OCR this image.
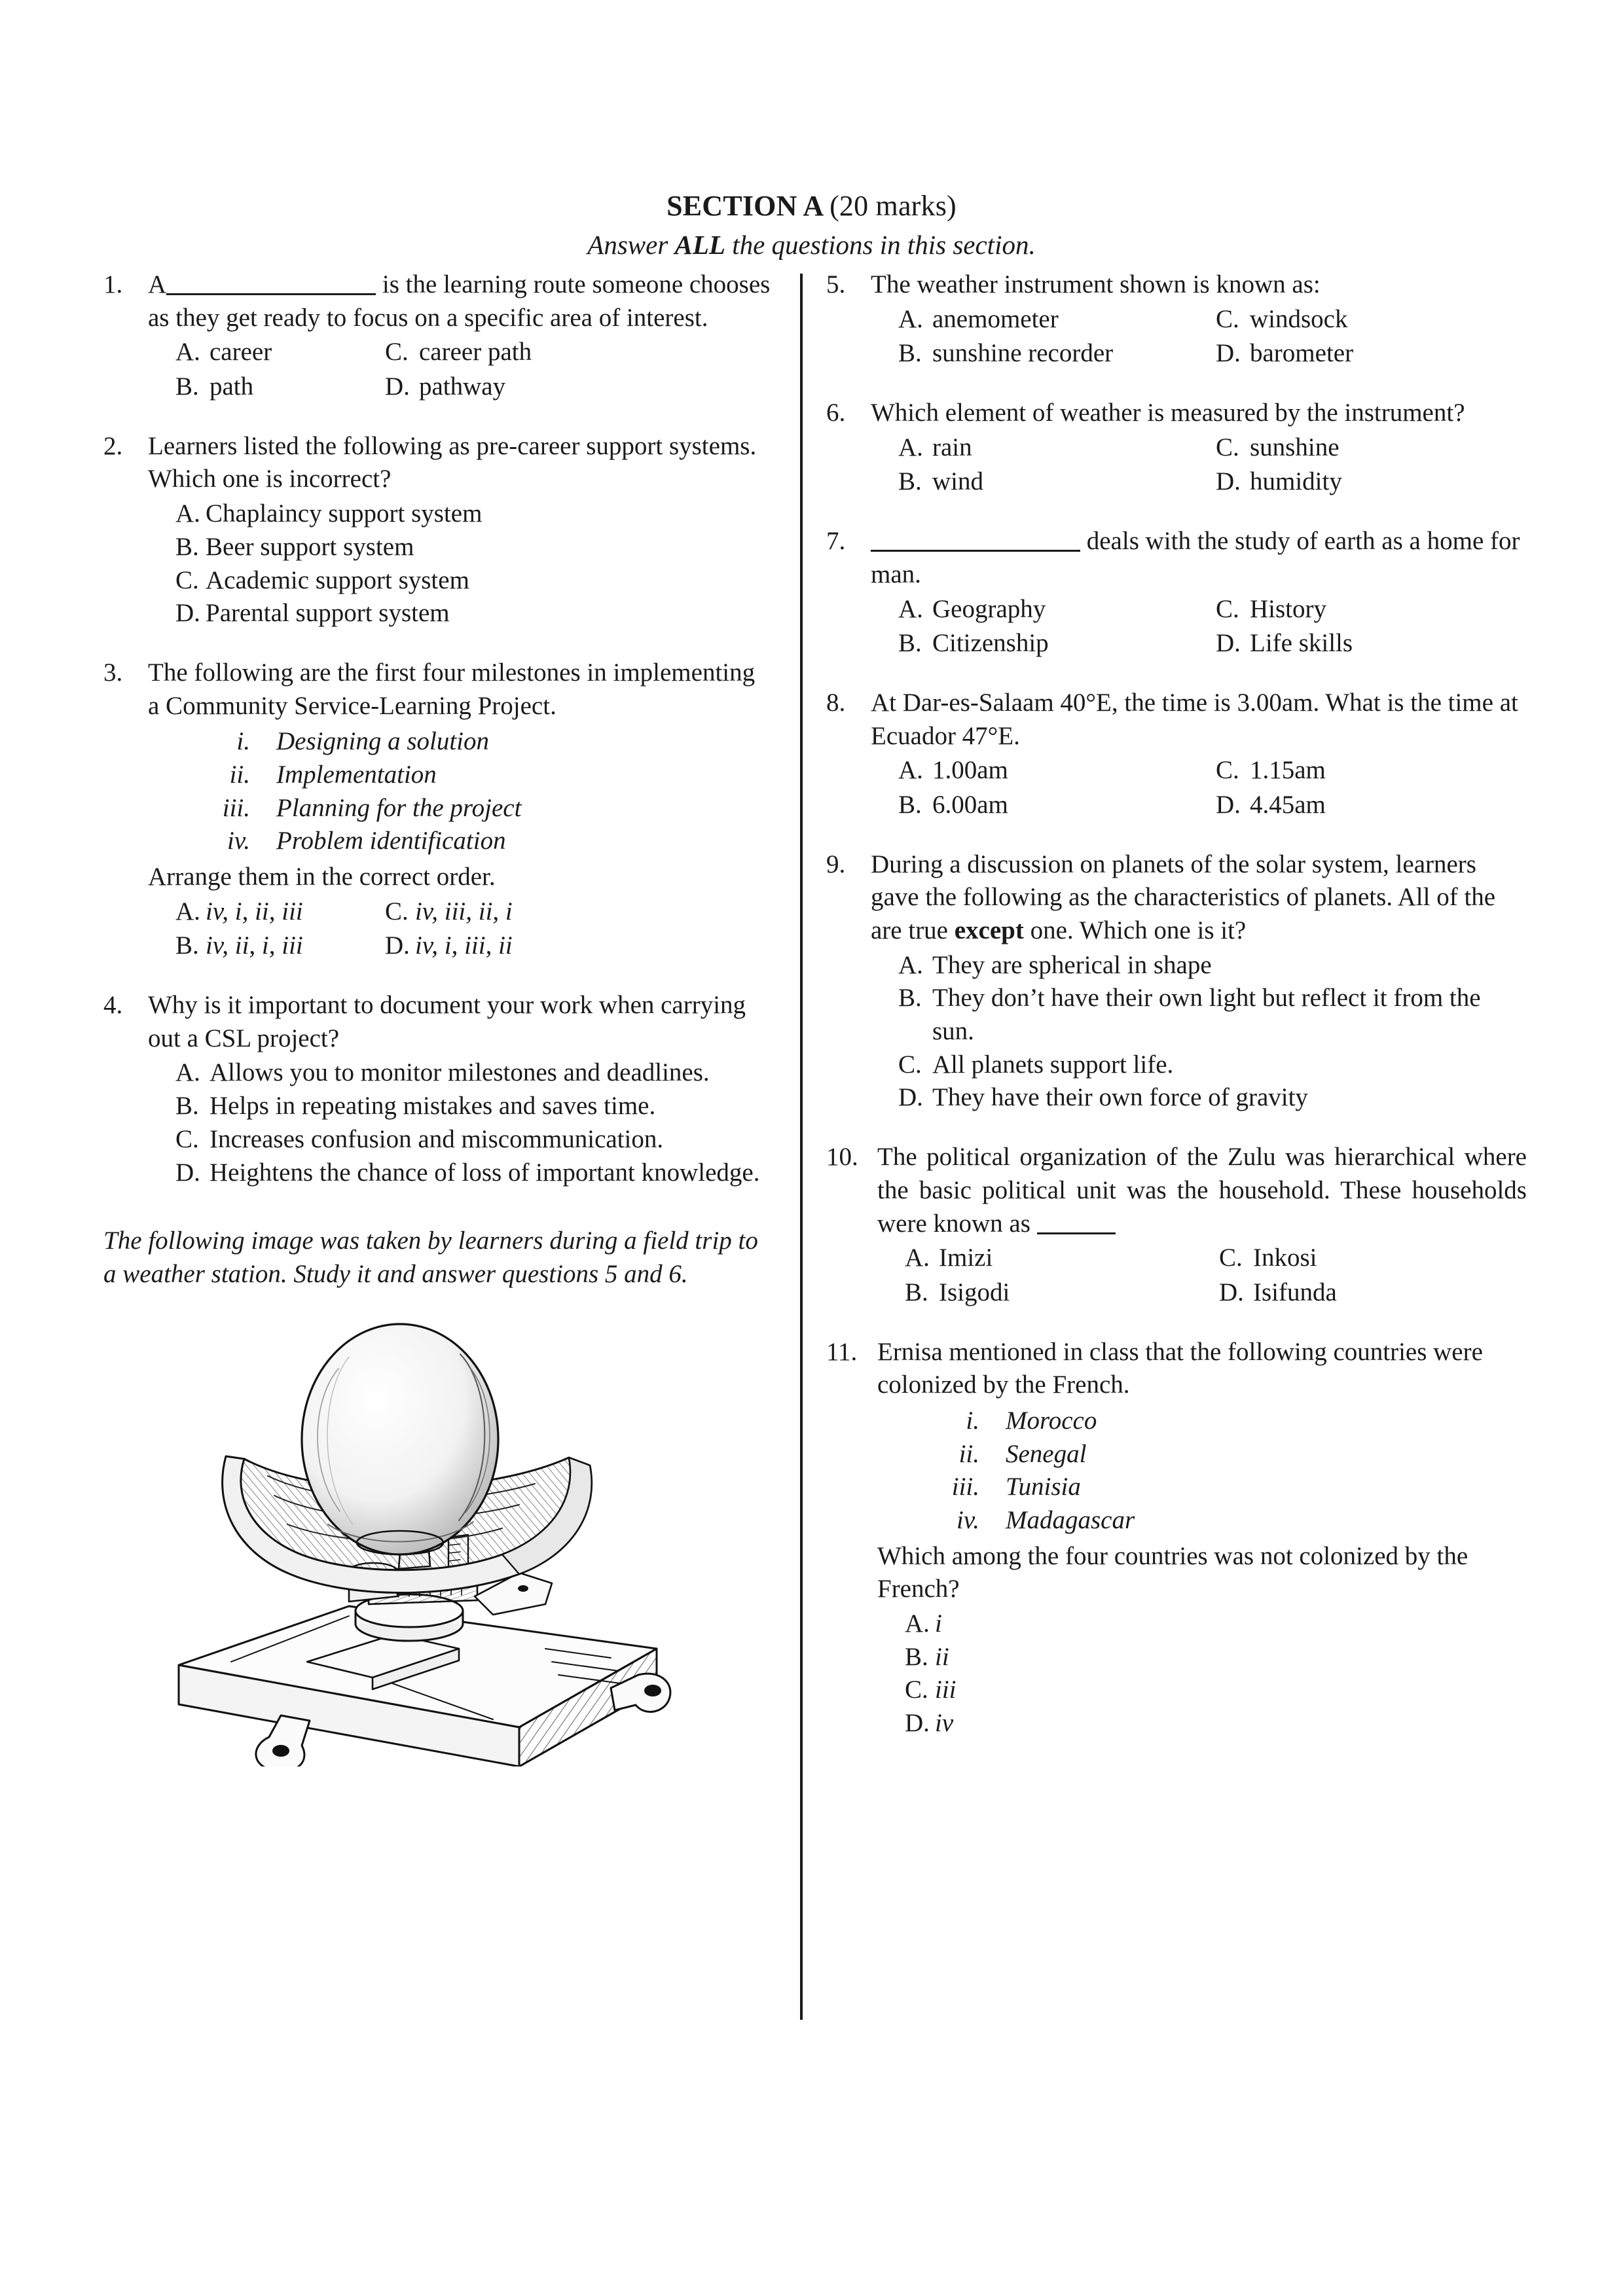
SECTION A (20 marks)
Answer ALL the questions in this section.
1. A	is the learning route someone chooses as they get ready to focus on a specific area of interest.

A. career	C. career path
B. path	D. pathway
2. Learners listed the following as pre-career support systems. Which one is incorrect?

A. Chaplaincy support system
B. Beer support system
C. Academic support system
D. Parental support system
3. The following are the first four milestones in implementing a Community Service-Learning Project.

i.	Designing a solution
ii.	Implementation
iii.	Planning for the project
iv.	Problem identification

Arrange them in the correct order.

A. iv, i, ii, iii	C. iv, iii, ii, i
B. iv, ii, i, iii	D. iv, i, iii, ii
4. Why is it important to document your work when carrying out a CSL project?

A. Allows you to monitor milestones and deadlines.
B. Helps in repeating mistakes and saves time.
C. Increases confusion and miscommunication.
D. Heightens the chance of loss of important knowledge.

The following image was taken by learners during a field trip to a weather station. Study it and answer questions 5 and 6.

5. The weather instrument shown is known as:

A. anemometer	C. windsock
B. sunshine recorder	D. barometer
6. Which element of weather is measured by the instrument?

A. rain	C. sunshine
B. wind	D. humidity
7.	deals with the study of earth as a home for man.

A. Geography	C. History
B. Citizenship	D. Life skills
8. At Dar-es-Salaam 40°E, the time is 3.00am. What is the time at Ecuador 47°E.

A. 1.00am	C. 1.15am
B. 6.00am	D. 4.45am
9. During a discussion on planets of the solar system, learners gave the following as the characteristics of planets. All of the are true except one. Which one is it?

A. They are spherical in shape
B. They don’t have their own light but reflect it from the sun.
C. All planets support life.
D. They have their own force of gravity
10. The political organization of the Zulu was hierarchical where the basic political unit was the household. These households were known as

A. Imizi	C. Inkosi
B. Isigodi	D. Isifunda
11. Ernisa mentioned in class that the following countries were colonized by the French.

i.	Morocco
ii.	Senegal
iii.	Tunisia
iv.	Madagascar

Which among the four countries was not colonized by the French?

A. i
B. ii
C. iii
D. iv
